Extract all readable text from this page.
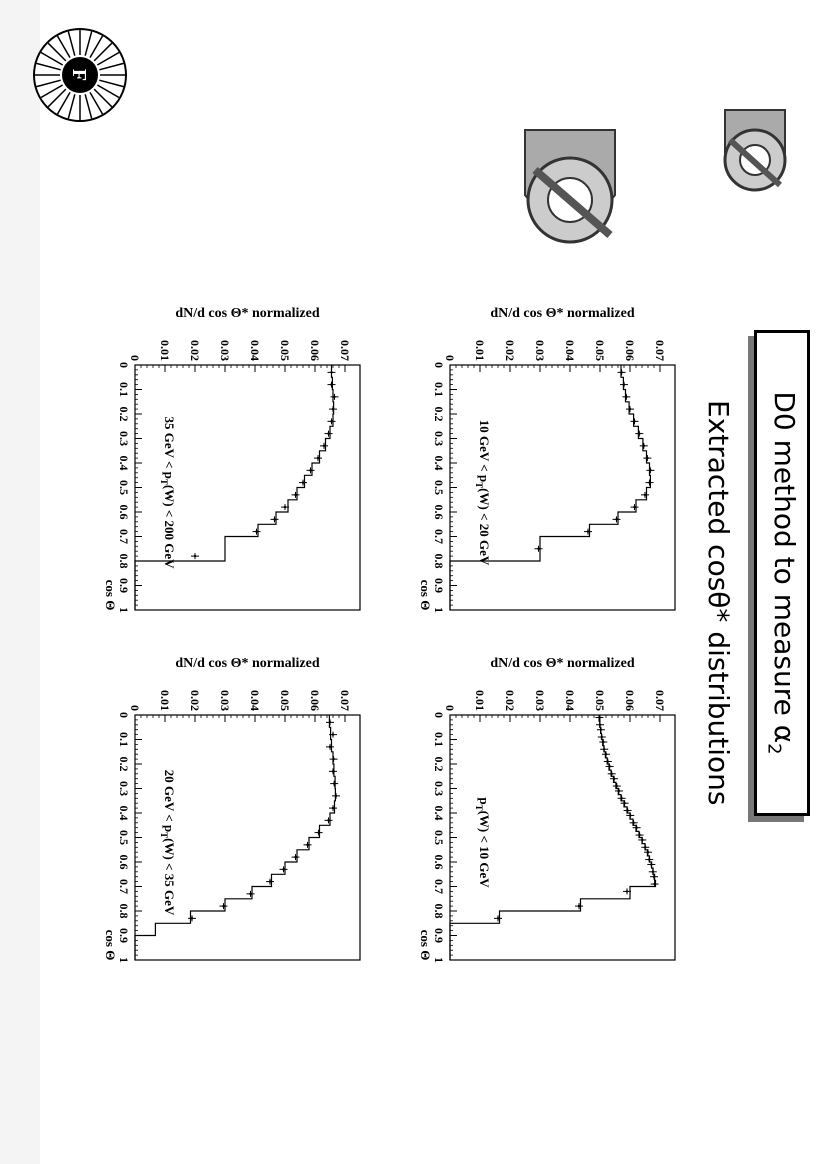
D0 method to measure $\alpha_2$
Extracted cosθ* distributions
F
0 0.01 0.02 0.03 0.04 0.05 0.06 0.07
0
0.1
0.2
0.3
0.4
0.5
0.6
0.7
0.8
0.9
1
cos Θ
dN/d cos Θ* normalized
$p_T(W) < 10$ GeV
0 0.01 0.02 0.03 0.04 0.05 0.06 0.07
0
0.1
0.2
0.3
0.4
0.5
0.6
0.7
0.8
0.9
1
cos Θ
dN/d cos Θ* normalized
10 GeV < $p_T(W) < 20$ GeV
0 0.01 0.02 0.03 0.04 0.05 0.06 0.07
0
0.1
0.2
0.3
0.4
0.5
0.6
0.7
0.8
0.9
1
cos Θ
dN/d cos Θ* normalized
20 GeV < $p_T(W) < 35$ GeV
0 0.01 0.02 0.03 0.04 0.05 0.06 0.07
0
0.1
0.2
0.3
0.4
0.5
0.6
0.7
0.8
0.9
1
cos Θ
dN/d cos Θ* normalized
35 GeV < $p_T(W) < 200$ GeV
